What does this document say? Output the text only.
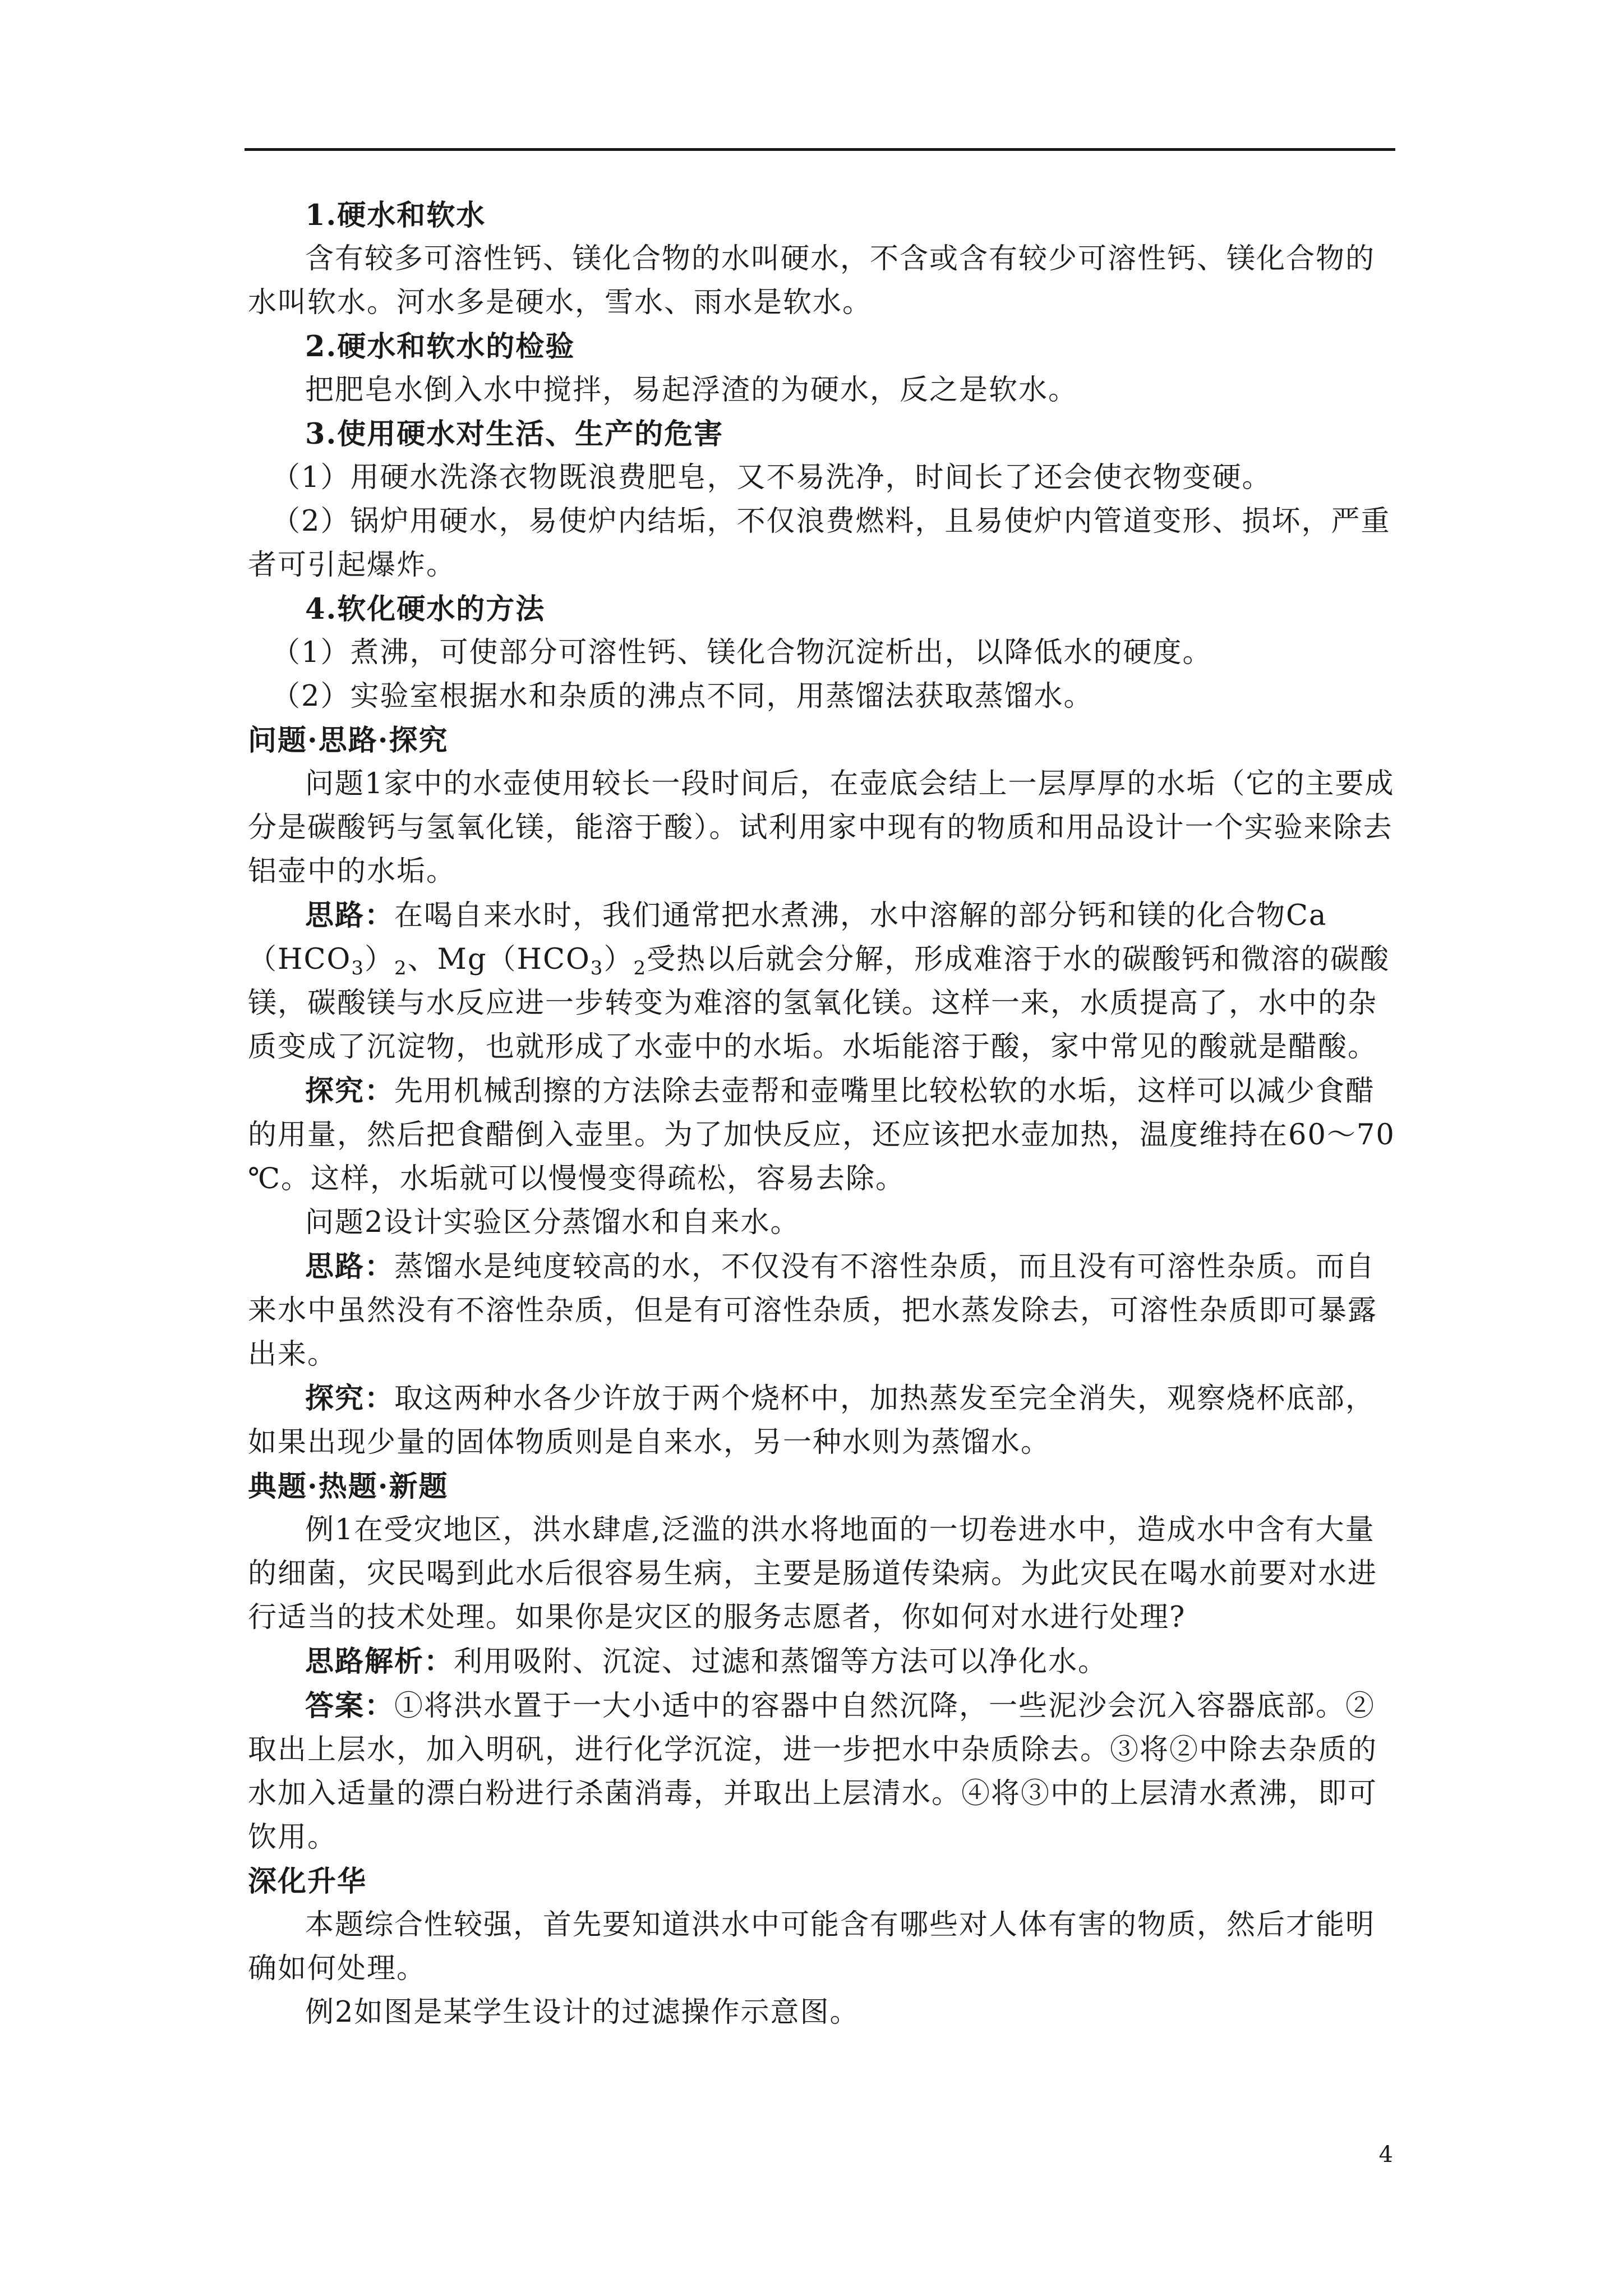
1.硬水和软水

含有较多可溶性钙、镁化合物的水叫硬水，不含或含有较少可溶性钙、镁化合物的水叫软水。河水多是硬水，雪水、雨水是软水。

2.硬水和软水的检验

把肥皂水倒入水中搅拌，易起浮渣的为硬水，反之是软水。

3.使用硬水对生活、生产的危害

（1）用硬水洗涤衣物既浪费肥皂，又不易洗净，时间长了还会使衣物变硬。

（2）锅炉用硬水，易使炉内结垢，不仅浪费燃料，且易使炉内管道变形、损坏，严重者可引起爆炸。

4.软化硬水的方法

（1）煮沸，可使部分可溶性钙、镁化合物沉淀析出，以降低水的硬度。

（2）实验室根据水和杂质的沸点不同，用蒸馏法获取蒸馏水。

问题·思路·探究

问题1家中的水壶使用较长一段时间后，在壶底会结上一层厚厚的水垢（它的主要成分是碳酸钙与氢氧化镁，能溶于酸）。试利用家中现有的物质和用品设计一个实验来除去铝壶中的水垢。

思路：在喝自来水时，我们通常把水煮沸，水中溶解的部分钙和镁的化合物$Ca(HCO_3)_2$、$Mg(HCO_3)_2$受热以后就会分解，形成难溶于水的碳酸钙和微溶的碳酸镁，碳酸镁与水反应进一步转变为难溶的氢氧化镁。这样一来，水质提高了，水中的杂质变成了沉淀物，也就形成了水壶中的水垢。水垢能溶于酸，家中常见的酸就是醋酸。

探究：先用机械刮擦的方法除去壶帮和壶嘴里比较松软的水垢，这样可以减少食醋的用量，然后把食醋倒入壶里。为了加快反应，还应该把水壶加热，温度维持在60～70 ℃。这样，水垢就可以慢慢变得疏松，容易去除。

问题2设计实验区分蒸馏水和自来水。

思路：蒸馏水是纯度较高的水，不仅没有不溶性杂质，而且没有可溶性杂质。而自来水中虽然没有不溶性杂质，但是有可溶性杂质，把水蒸发除去，可溶性杂质即可暴露出来。

探究：取这两种水各少许放于两个烧杯中，加热蒸发至完全消失，观察烧杯底部，如果出现少量的固体物质则是自来水，另一种水则为蒸馏水。

典题·热题·新题

例1在受灾地区，洪水肆虐,泛滥的洪水将地面的一切卷进水中，造成水中含有大量的细菌，灾民喝到此水后很容易生病，主要是肠道传染病。为此灾民在喝水前要对水进行适当的技术处理。如果你是灾区的服务志愿者，你如何对水进行处理?

思路解析：利用吸附、沉淀、过滤和蒸馏等方法可以净化水。

答案：①将洪水置于一大小适中的容器中自然沉降，一些泥沙会沉入容器底部。②取出上层水，加入明矾，进行化学沉淀，进一步把水中杂质除去。③将②中除去杂质的水加入适量的漂白粉进行杀菌消毒，并取出上层清水。④将③中的上层清水煮沸，即可饮用。

深化升华

本题综合性较强，首先要知道洪水中可能含有哪些对人体有害的物质，然后才能明确如何处理。

例2如图是某学生设计的过滤操作示意图。

4
